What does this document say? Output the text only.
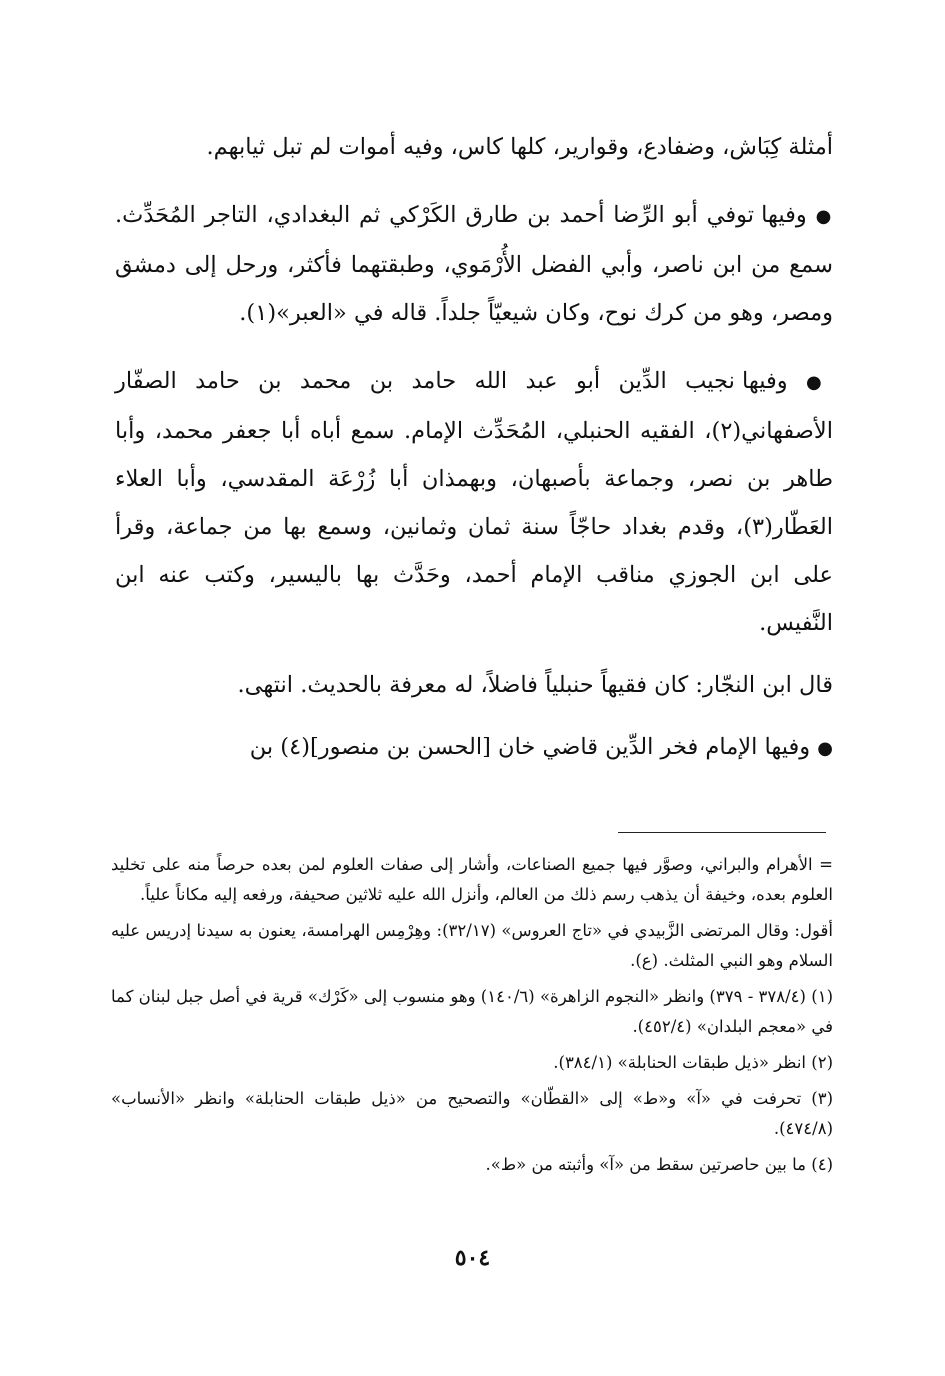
أمثلة كِبَاش، وضفادع، وقوارير، كلها كاس، وفيه أموات لم تبل ثيابهم.

● وفيها توفي أبو الرِّضا أحمد بن طارق الكَرْكي ثم البغدادي، التاجر المُحَدِّث. سمع من ابن ناصر، وأبي الفضل الأُرْمَوي، وطبقتهما فأكثر، ورحل إلى دمشق ومصر، وهو من كرك نوح، وكان شيعيّاً جلداً. قاله في «العبر»(١).

● وفيها نجيب الدِّين أبو عبد الله حامد بن محمد بن حامد الصفّار الأصفهاني(٢)، الفقيه الحنبلي، المُحَدِّث الإمام. سمع أباه أبا جعفر محمد، وأبا طاهر بن نصر، وجماعة بأصبهان، وبهمذان أبا زُرْعَة المقدسي، وأبا العلاء العَطّار(٣)، وقدم بغداد حاجّاً سنة ثمان وثمانين، وسمع بها من جماعة، وقرأ على ابن الجوزي مناقب الإمام أحمد، وحَدَّث بها باليسير، وكتب عنه ابن النَّفيس.

قال ابن النجّار: كان فقيهاً حنبلياً فاضلاً، له معرفة بالحديث. انتهى.

● وفيها الإمام فخر الدِّين قاضي خان [الحسن بن منصور](٤) بن

= الأهرام والبراني، وصوَّر فيها جميع الصناعات، وأشار إلى صفات العلوم لمن بعده حرصاً منه على تخليد العلوم بعده، وخيفة أن يذهب رسم ذلك من العالم، وأنزل الله عليه ثلاثين صحيفة، ورفعه إليه مكاناً علياً.

أقول: وقال المرتضى الزَّبيدي في «تاج العروس» (٣٢/١٧): وهِرْمِس الهرامسة، يعنون به سيدنا إدريس عليه السلام وهو النبي المثلث. (ع).

(١) (٣٧٨/٤ - ٣٧٩) وانظر «النجوم الزاهرة» (١٤٠/٦) وهو منسوب إلى «كَرْك» قرية في أصل جبل لبنان كما في «معجم البلدان» (٤٥٢/٤).

(٢) انظر «ذيل طبقات الحنابلة» (٣٨٤/١).

(٣) تحرفت في «آ» و«ط» إلى «القطّان» والتصحيح من «ذيل طبقات الحنابلة» وانظر «الأنساب» (٤٧٤/٨).

(٤) ما بين حاصرتين سقط من «آ» وأثبته من «ط».

٥٠٤
